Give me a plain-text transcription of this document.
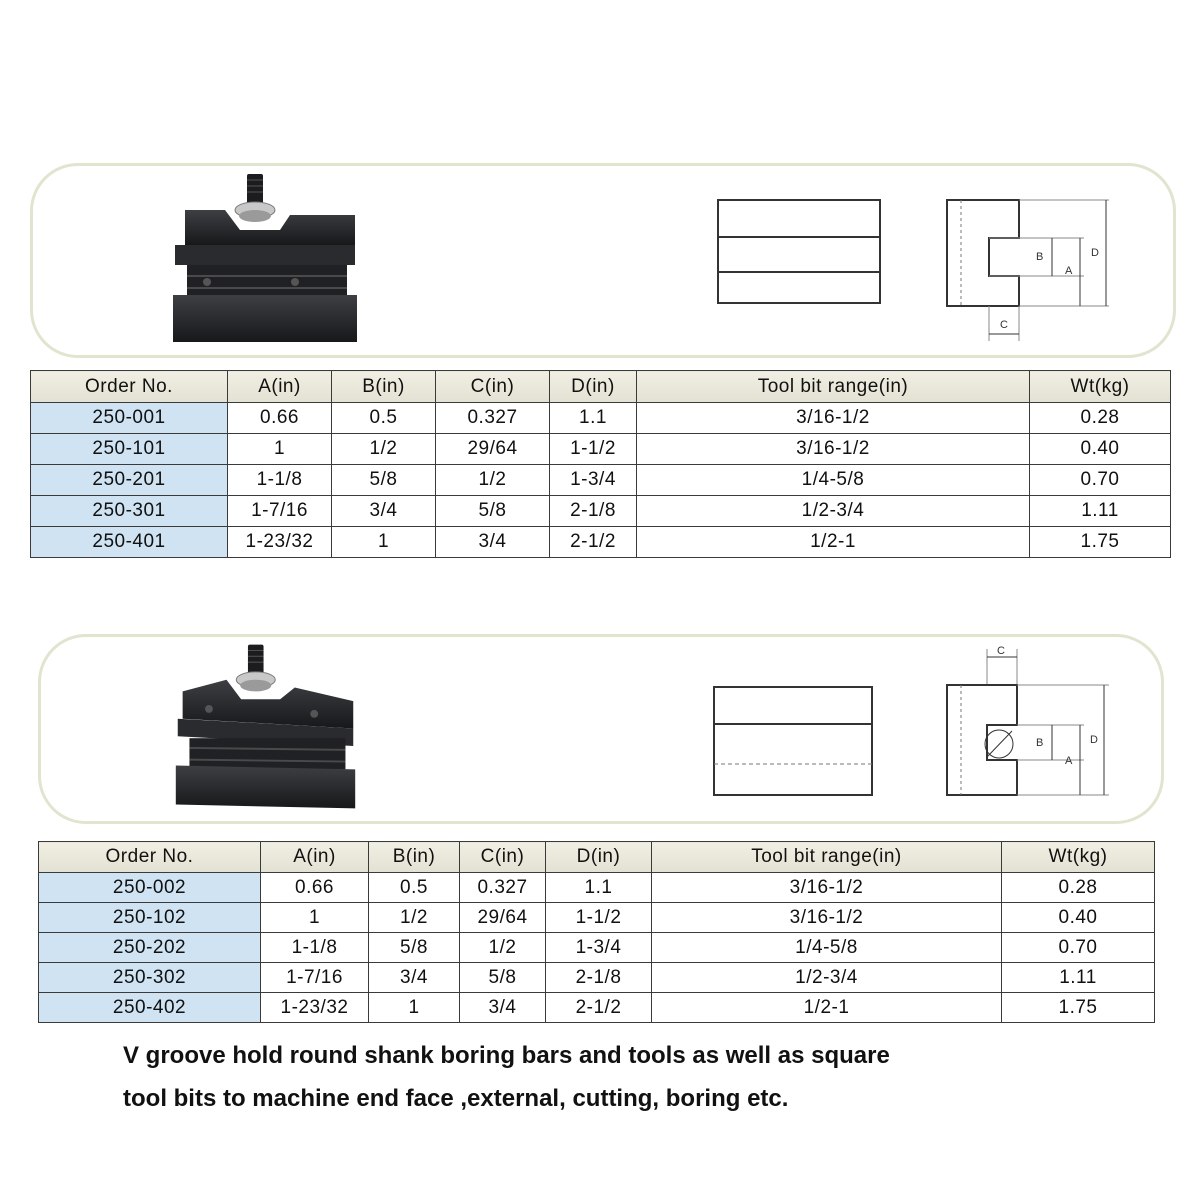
B
A
D
C
Order No.	A(in)	B(in)	C(in)	D(in)	Tool bit range(in)	Wt(kg)
250-001	0.66	0.5	0.327	1.1	3/16-1/2	0.28
250-101	1	1/2	29/64	1-1/2	3/16-1/2	0.40
250-201	1-1/8	5/8	1/2	1-3/4	1/4-5/8	0.70
250-301	1-7/16	3/4	5/8	2-1/8	1/2-3/4	1.11
250-401	1-23/32	1	3/4	2-1/2	1/2-1	1.75
C
B
A
D
Order No.	A(in)	B(in)	C(in)	D(in)	Tool bit range(in)	Wt(kg)
250-002	0.66	0.5	0.327	1.1	3/16-1/2	0.28
250-102	1	1/2	29/64	1-1/2	3/16-1/2	0.40
250-202	1-1/8	5/8	1/2	1-3/4	1/4-5/8	0.70
250-302	1-7/16	3/4	5/8	2-1/8	1/2-3/4	1.11
250-402	1-23/32	1	3/4	2-1/2	1/2-1	1.75
V groove hold round shank boring bars and tools as well as square
tool bits to machine end face ,external, cutting, boring etc.
